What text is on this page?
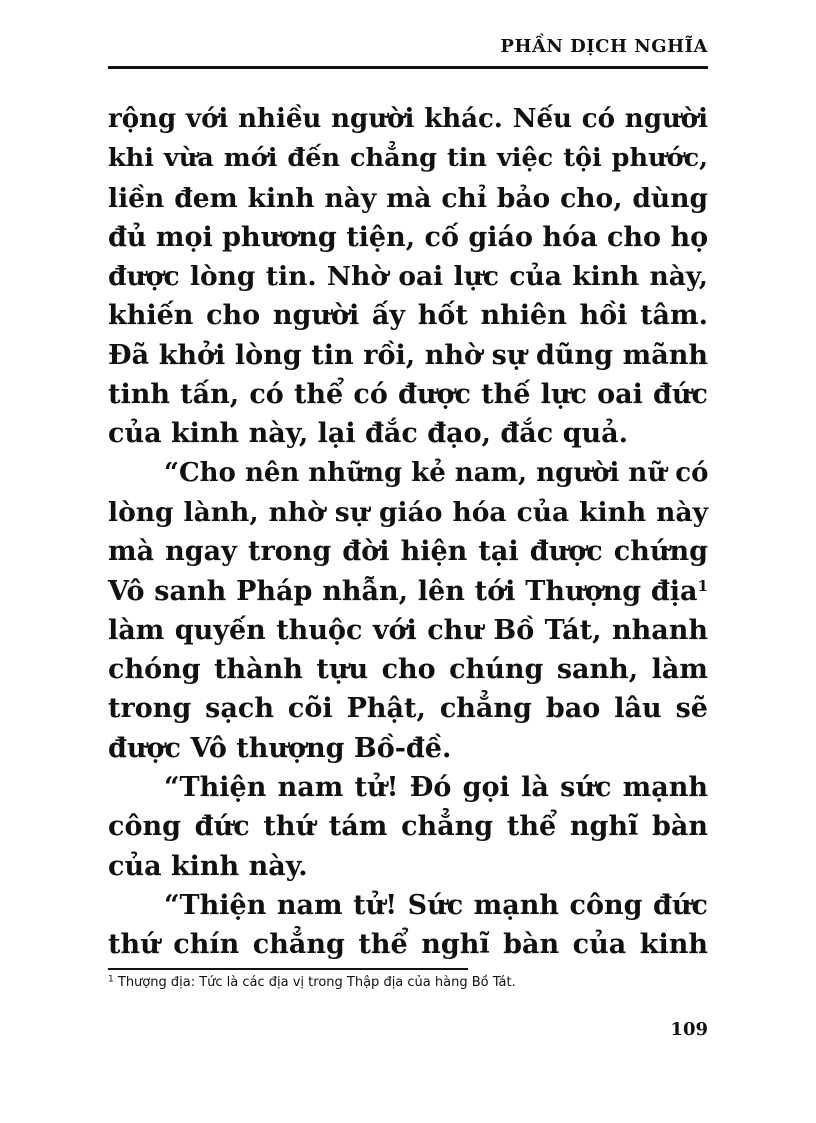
PHẦN DỊCH NGHĨA
rộng với nhiều người khác. Nếu có người
khi vừa mới đến chẳng tin việc tội phước,
liền đem kinh này mà chỉ bảo cho, dùng
đủ mọi phương tiện, cố giáo hóa cho họ
được lòng tin. Nhờ oai lực của kinh này,
khiến cho người ấy hốt nhiên hồi tâm.
Đã khởi lòng tin rồi, nhờ sự dũng mãnh
tinh tấn, có thể có được thế lực oai đức
của kinh này, lại đắc đạo, đắc quả.
“Cho nên những kẻ nam, người nữ có
lòng lành, nhờ sự giáo hóa của kinh này
mà ngay trong đời hiện tại được chứng
Vô sanh Pháp nhẫn, lên tới Thượng địa$^1$
làm quyến thuộc với chư Bồ Tát, nhanh
chóng thành tựu cho chúng sanh, làm
trong sạch cõi Phật, chẳng bao lâu sẽ
được Vô thượng Bồ-đề.
“Thiện nam tử! Đó gọi là sức mạnh
công đức thứ tám chẳng thể nghĩ bàn
của kinh này.
“Thiện nam tử! Sức mạnh công đức
thứ chín chẳng thể nghĩ bàn của kinh
$^1$ Thượng địa: Tức là các địa vị trong Thập địa của hàng Bồ Tát.
109
